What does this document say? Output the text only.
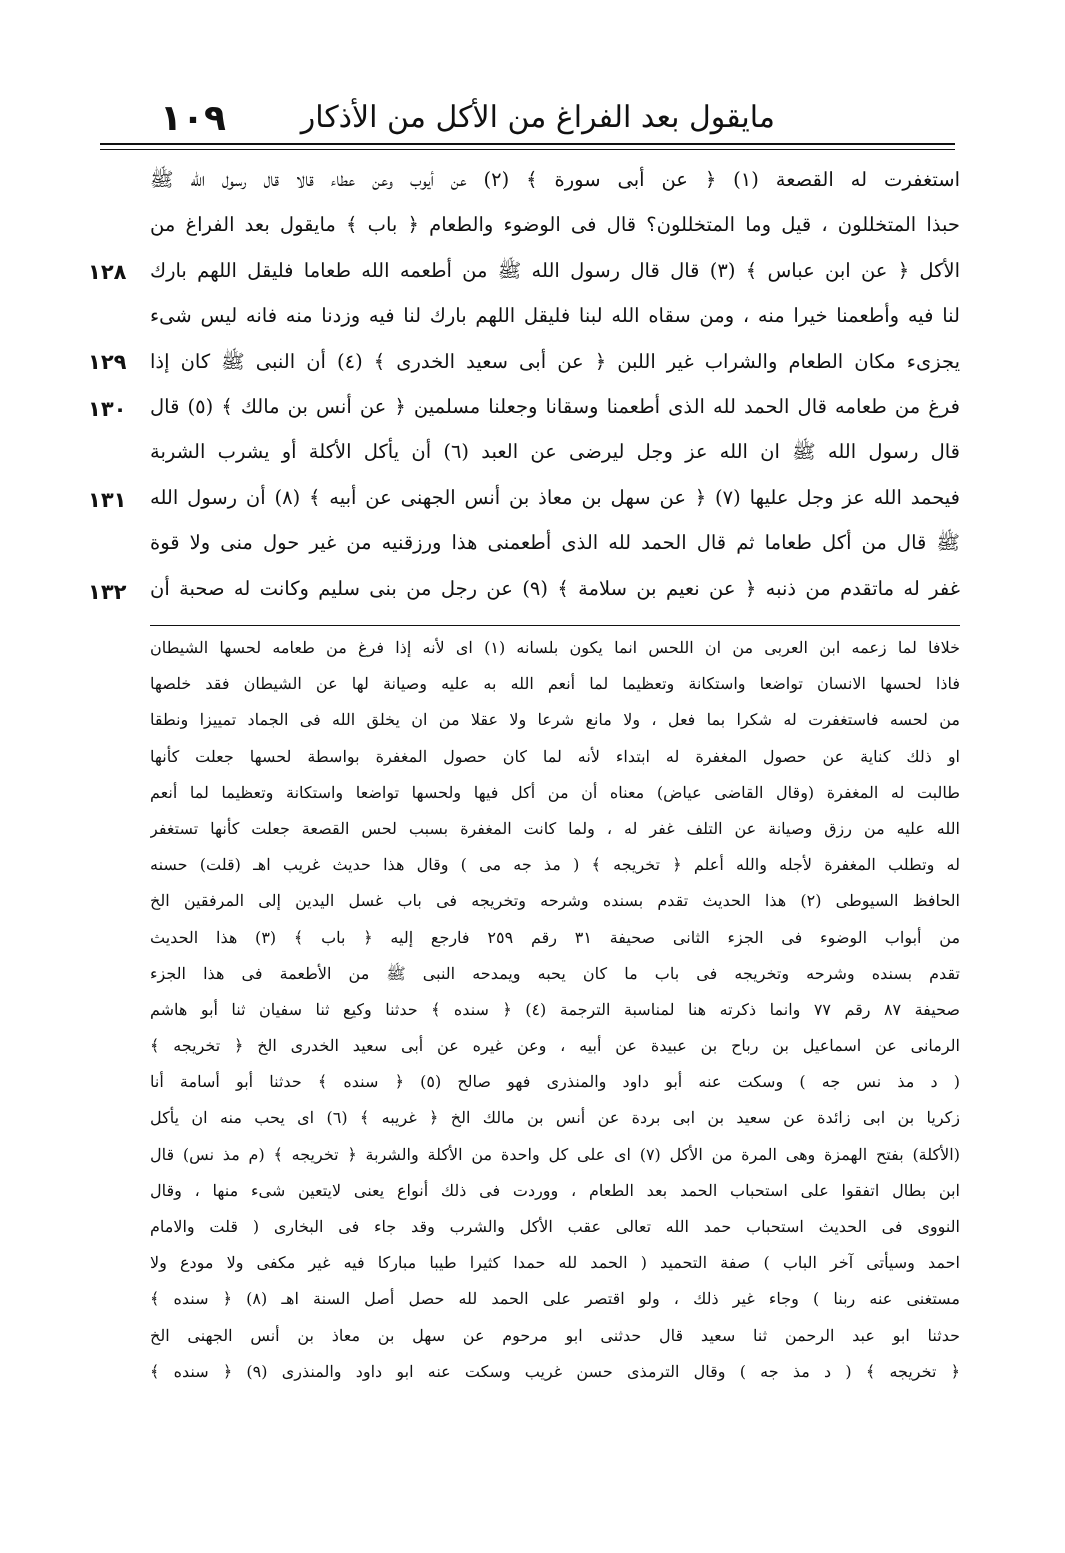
١٠٩ مايقول بعد الفراغ من الأكل من الأذكار
استغفرت له القصعة (١) ﴿ عن أبى سورة ﴾ (٢) عن أيوب وعن عطاء قالا قال رسول الله ﷺ
حبذا المتخللون ، قيل وما المتخللون؟ قال فى الوضوء والطعام ﴿ باب ﴾ مايقول بعد الفراغ من
الأكل ﴿ عن ابن عباس ﴾ (٣) قال قال رسول الله ﷺ من أطعمه الله طعاما فليقل اللهم بارك
لنا فيه وأطعمنا خيرا منه ، ومن سقاه الله لبنا فليقل اللهم بارك لنا فيه وزدنا منه فانه ليس شىء
يجزىء مكان الطعام والشراب غير اللبن ﴿ عن أبى سعيد الخدرى ﴾ (٤) أن النبى ﷺ كان إذا
فرغ من طعامه قال الحمد لله الذى أطعمنا وسقانا وجعلنا مسلمين ﴿ عن أنس بن مالك ﴾ (٥) قال
قال رسول الله ﷺ ان الله عز وجل ليرضى عن العبد (٦) أن يأكل الأكلة أو يشرب الشربة
فيحمد الله عز وجل عليها (٧) ﴿ عن سهل بن معاذ بن أنس الجهنى عن أبيه ﴾ (٨) أن رسول الله
ﷺ قال من أكل طعاما ثم قال الحمد لله الذى أطعمنى هذا ورزقنيه من غير حول منى ولا قوة
غفر له ماتقدم من ذنبه ﴿ عن نعيم بن سلامة ﴾ (٩) عن رجل من بنى سليم وكانت له صحبة أن
١٢٨
١٢٩
١٣٠
١٣١
١٣٢
خلافا لما زعمه ابن العربى من ان اللحس انما يكون بلسانه (١) اى لأنه إذا فرغ من طعامه لحسها الشيطان
فاذا لحسها الانسان تواضعا واستكانة وتعظيما لما أنعم الله به عليه وصيانة لها عن الشيطان فقد خلصها
من لحسه فاستغفرت له شكرا بما فعل ، ولا مانع شرعا ولا عقلا من ان يخلق الله فى الجماد تمييزا ونطقا
او ذلك كناية عن حصول المغفرة له ابتداء لأنه لما كان حصول المغفرة بواسطة لحسها جعلت كأنها
طالبت له المغفرة (وقال القاضى عياض) معناه أن من أكل فيها ولحسها تواضعا واستكانة وتعظيما لما أنعم
الله عليه من رزق وصيانة عن التلف غفر له ، ولما كانت المغفرة بسبب لحس القصعة جعلت كأنها تستغفر
له وتطلب المغفرة لأجله والله أعلم ﴿ تخريجه ﴾ ( مذ جه مى ) وقال هذا حديث غريب اهـ (قلت) حسنه
الحافظ السيوطى (٢) هذا الحديث تقدم بسنده وشرحه وتخريجه فى باب غسل اليدين إلى المرفقين الخ
من أبواب الوضوء فى الجزء الثانى صحيفة ٣١ رقم ٢٥٩ فارجع إليه ﴿ باب ﴾ (٣) هذا الحديث
تقدم بسنده وشرحه وتخريجه فى باب ما كان يحبه ويمدحه النبى ﷺ من الأطعمة فى هذا الجزء
صحيفة ٨٧ رقم ٧٧ وانما ذكرته هنا لمناسبة الترجمة (٤) ﴿ سنده ﴾ حدثنا وكيع ثنا سفيان ثنا أبو هاشم
الرمانى عن اسماعيل بن رباح بن عبيدة عن أبيه ، وعن غيره عن أبى سعيد الخدرى الخ ﴿ تخريجه ﴾
( د مذ نس جه ) وسكت عنه أبو داود والمنذرى فهو صالح (٥) ﴿ سنده ﴾ حدثنا أبو أسامة أنا
زكريا بن ابى زائدة عن سعيد بن ابى بردة عن أنس بن مالك الخ ﴿ غريبه ﴾ (٦) اى يحب منه ان يأكل
(الأكلة) بفتح الهمزة وهى المرة من الأكل (٧) اى على كل واحدة من الأكلة والشربة ﴿ تخريجه ﴾ (م مذ نس) قال
ابن بطال اتفقوا على استحباب الحمد بعد الطعام ، ووردت فى ذلك أنواع يعنى لايتعين شىء منها ، وقال
النووى فى الحديث استحباب حمد الله تعالى عقب الأكل والشرب وقد جاء فى البخارى ( قلت والامام
احمد وسيأتى آخر الباب ) صفة التحميد ( الحمد لله حمدا كثيرا طيبا مباركا فيه غير مكفى ولا مودع ولا
مستغنى عنه ربنا ) وجاء غير ذلك ، ولو اقتصر على الحمد لله حصل أصل السنة اهـ (٨) ﴿ سنده ﴾
حدثنا ابو عبد الرحمن ثنا سعيد قال حدثنى ابو مرحوم عن سهل بن معاذ بن أنس الجهنى الخ
﴿ تخريجه ﴾ ( د مذ جه ) وقال الترمذى حسن غريب وسكت عنه ابو داود والمنذرى (٩) ﴿ سنده ﴾
